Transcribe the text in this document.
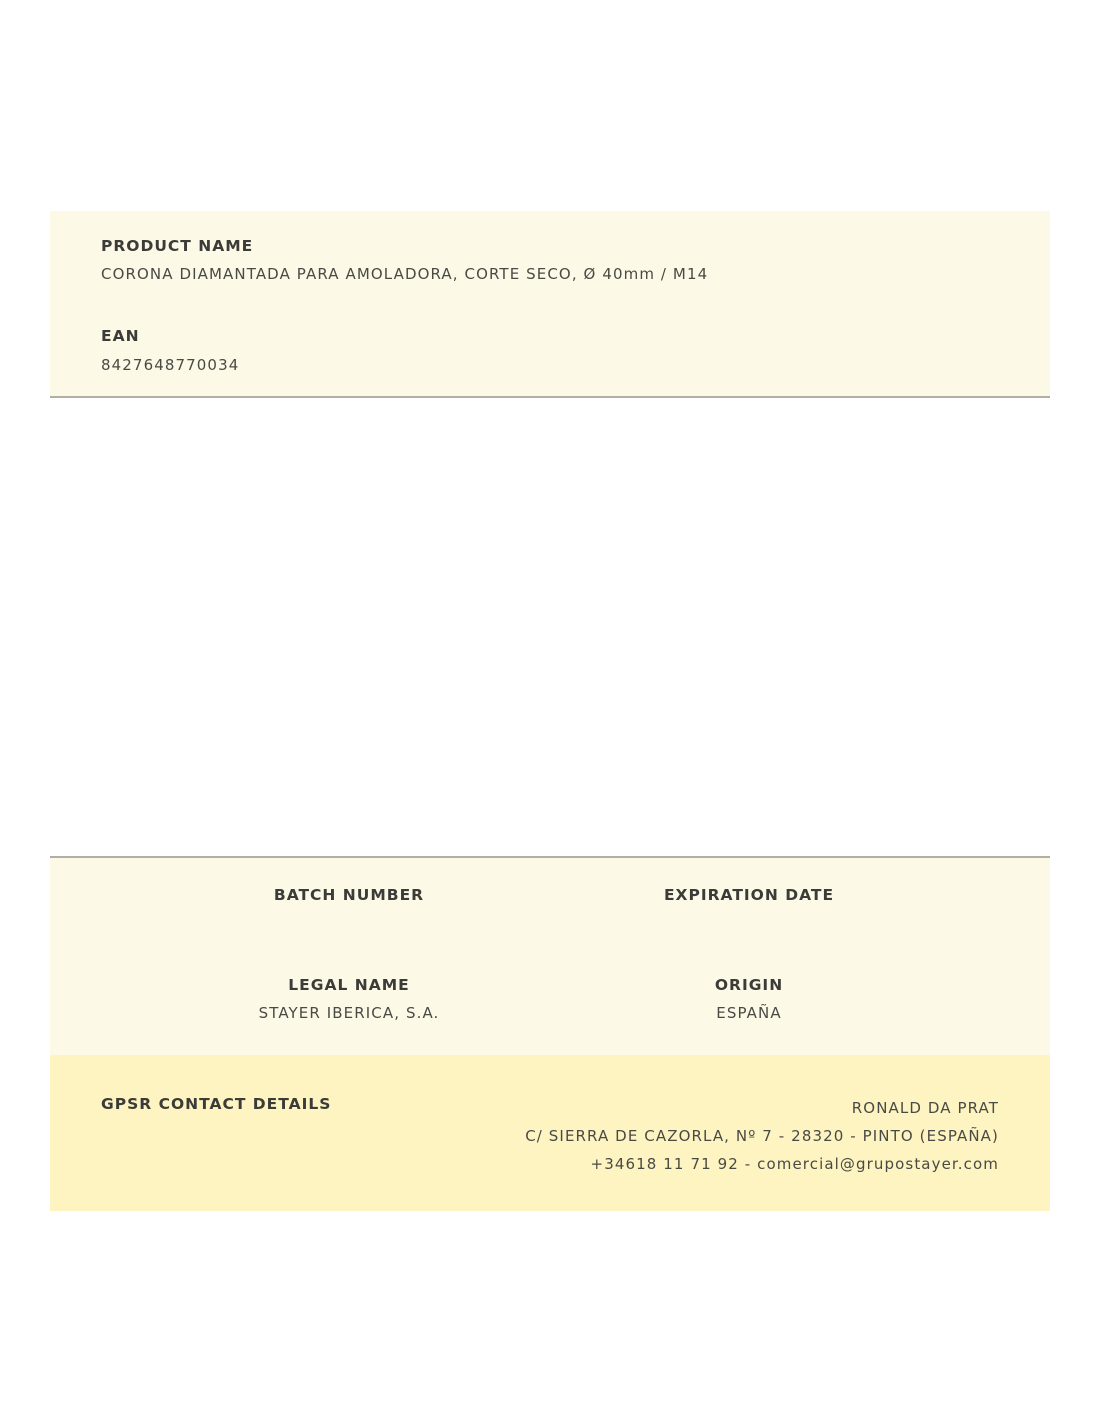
PRODUCT NAME
CORONA DIAMANTADA PARA AMOLADORA, CORTE SECO, Ø 40mm / M14
EAN
8427648770034
BATCH NUMBER	EXPIRATION DATE
LEGAL NAME
STAYER IBERICA, S.A.
ORIGIN
ESPAÑA
GPSR CONTACT DETAILS	RONALD DA PRAT
C/ SIERRA DE CAZORLA, Nº 7 - 28320 - PINTO (ESPAÑA)
+34618 11 71 92 - comercial@grupostayer.com
